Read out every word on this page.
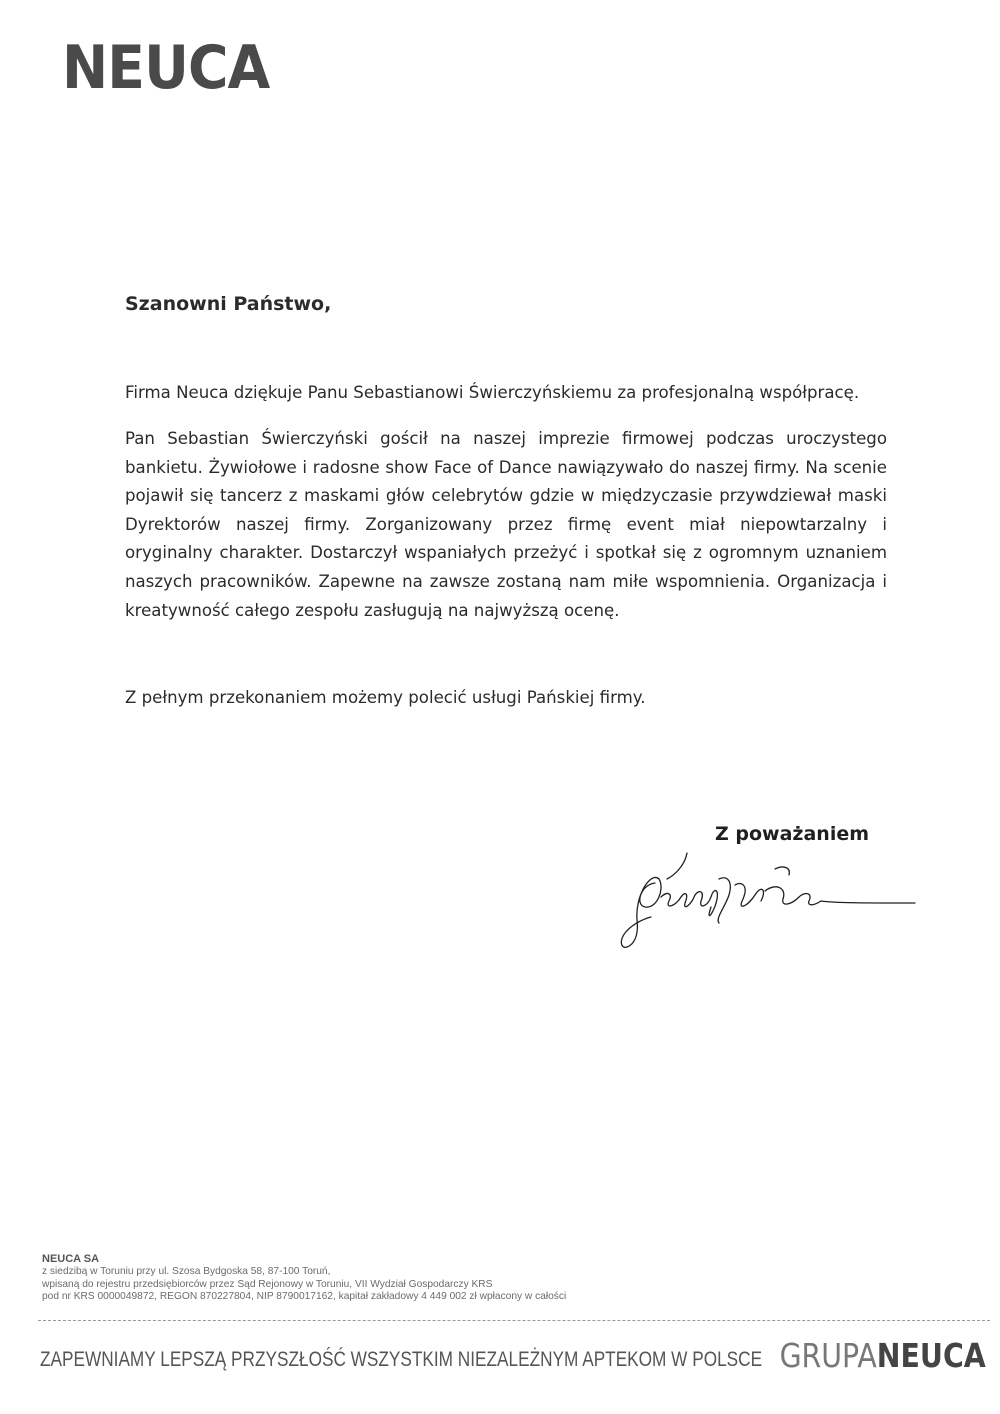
NEUCA
Szanowni Państwo,
Firma Neuca dziękuje Panu Sebastianowi Świerczyńskiemu za profesjonalną współpracę.
Pan Sebastian Świerczyński gościł na naszej imprezie firmowej podczas uroczystego bankietu. Żywiołowe i radosne show Face of Dance nawiązywało do naszej firmy. Na scenie pojawił się tancerz z maskami głów celebrytów gdzie w międzyczasie przywdziewał maski Dyrektorów naszej firmy. Zorganizowany przez firmę event miał niepowtarzalny i oryginalny charakter. Dostarczył wspaniałych przeżyć i spotkał się z ogromnym uznaniem naszych pracowników. Zapewne na zawsze zostaną nam miłe wspomnienia. Organizacja i kreatywność całego zespołu zasługują na najwyższą ocenę.
Z pełnym przekonaniem możemy polecić usługi Pańskiej firmy.
Z poważaniem
NEUCA SA
z siedzibą w Toruniu przy ul. Szosa Bydgoska 58, 87-100 Toruń,
wpisaną do rejestru przedsiębiorców przez Sąd Rejonowy w Toruniu, VII Wydział Gospodarczy KRS
pod nr KRS 0000049872, REGON 870227804, NIP 8790017162, kapitał zakładowy 4 449 002 zł wpłacony w całości
ZAPEWNIAMY LEPSZĄ PRZYSZŁOŚĆ WSZYSTKIM NIEZALEŻNYM APTEKOM W POLSCE GRUPANEUCA
